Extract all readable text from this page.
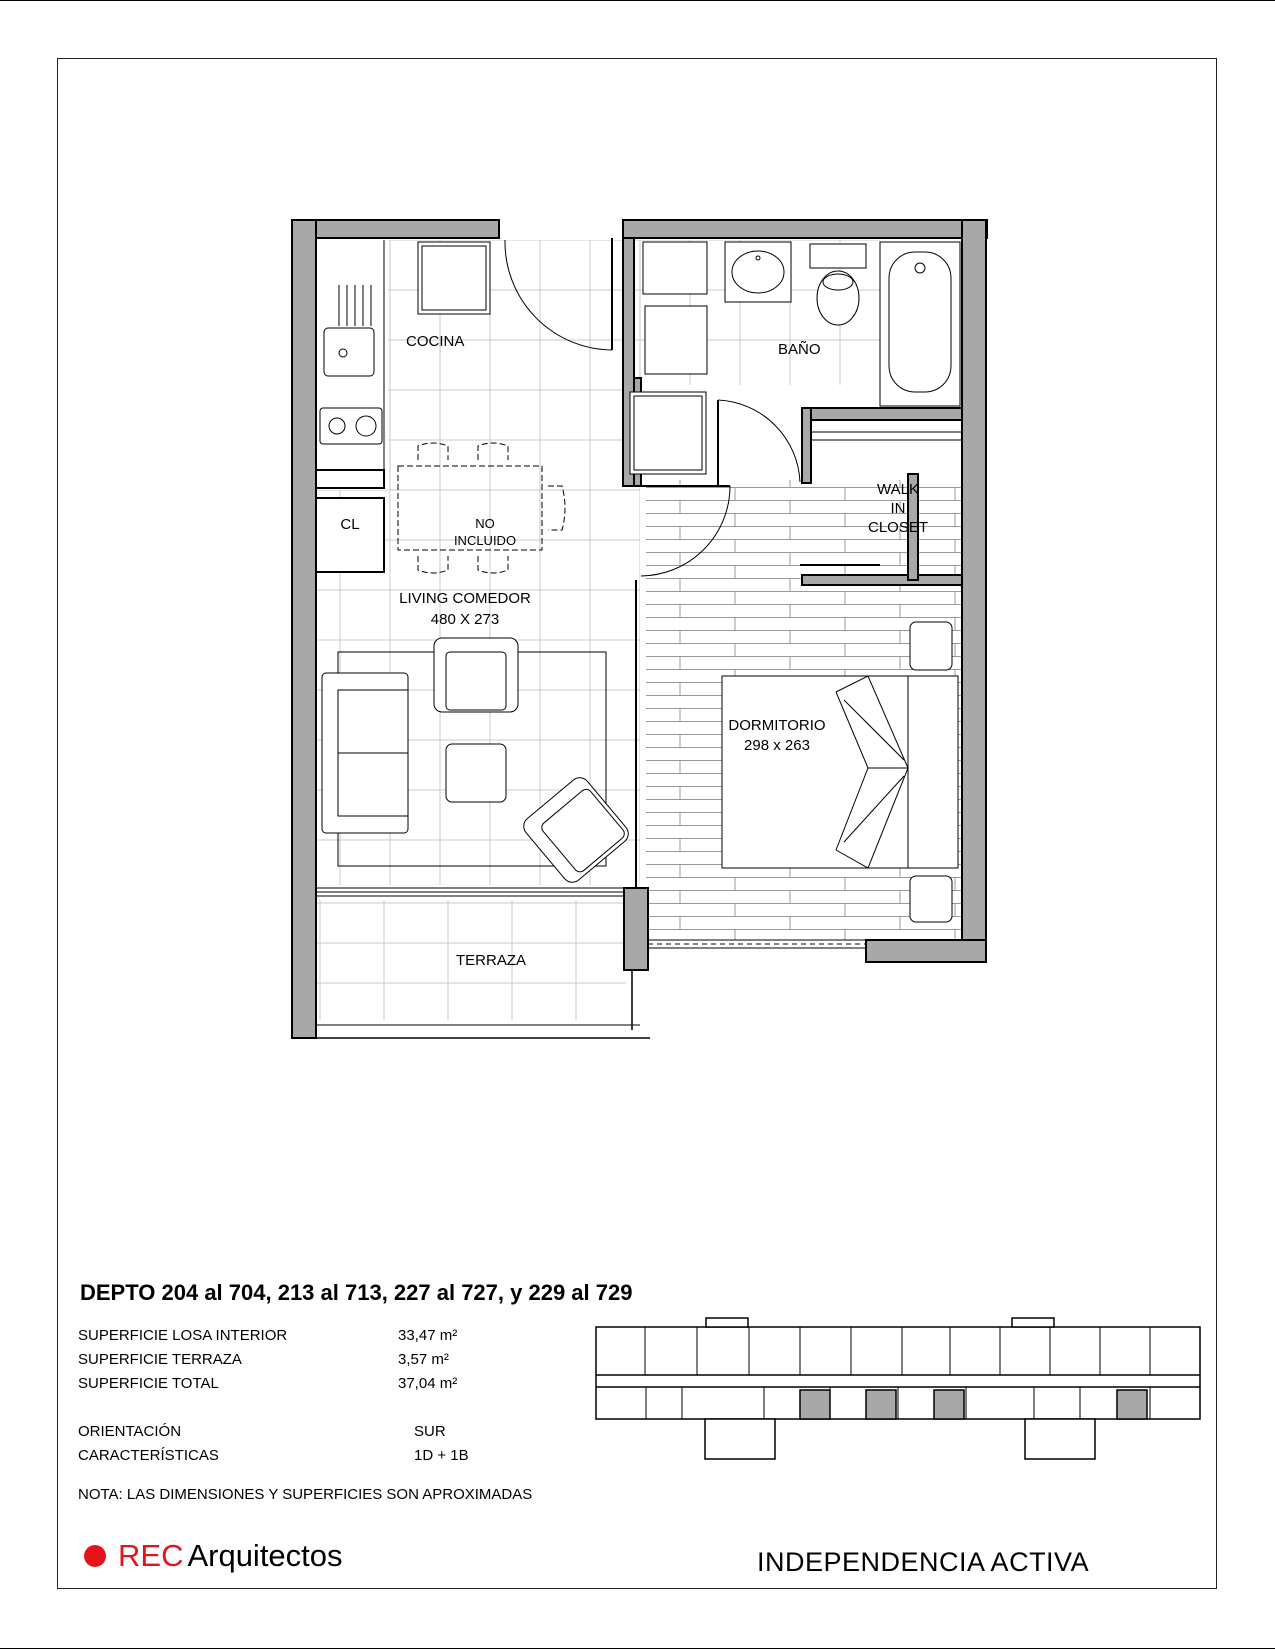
COCINA	BAÑO
WALK
IN
CLOSET
CL	NO
INCLUIDO
LIVING COMEDOR
480 X 273
DORMITORIO
298 x 263
TERRAZA
DEPTO 204 al 704, 213 al 713, 227 al 727, y 229 al 729
SUPERFICIE LOSA INTERIOR	33,47 m²
SUPERFICIE TERRAZA	3,57 m²
SUPERFICIE TOTAL	37,04 m²
ORIENTACIÓN	SUR
CARACTERÍSTICAS	1D + 1B
NOTA: LAS DIMENSIONES Y SUPERFICIES SON APROXIMADAS
REC Arquitectos	INDEPENDENCIA ACTIVA
